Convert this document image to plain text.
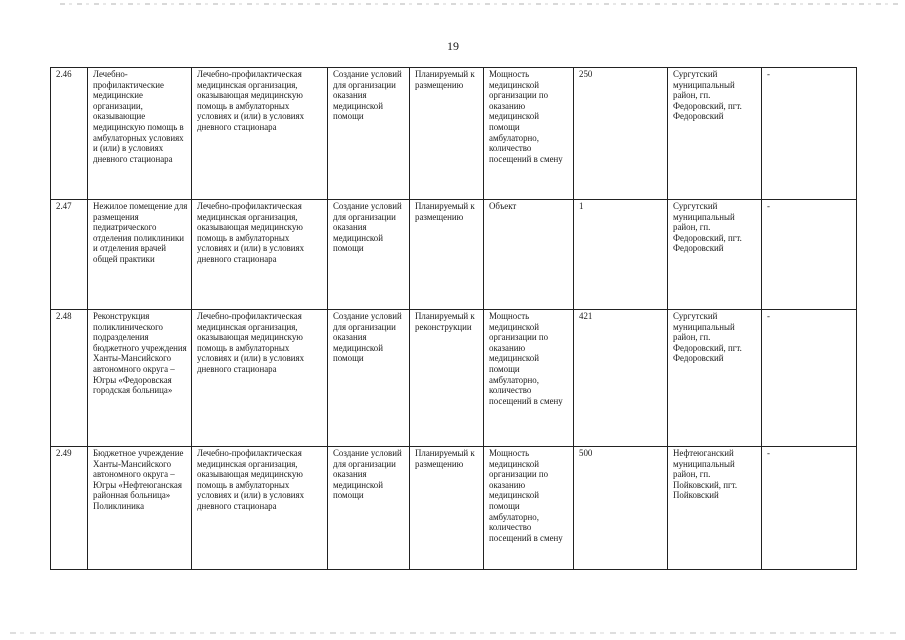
19
2.46	Лечебно-профилактические медицинские организации, оказывающие медицинскую помощь в амбулаторных условиях и (или) в условиях дневного стационара	Лечебно-профилактическая медицинская организация, оказывающая медицинскую помощь в амбулаторных условиях и (или) в условиях дневного стационара	Создание условий для организации оказания медицинской помощи	Планируемый к размещению	Мощность медицинской организации по оказанию медицинской помощи амбулаторно, количество посещений в смену	250	Сургутский муниципальный район, гп. Федоровский, пгт. Федоровский	-
2.47	Нежилое помещение для размещения педиатрического отделения поликлиники и отделения врачей общей практики	Лечебно-профилактическая медицинская организация, оказывающая медицинскую помощь в амбулаторных условиях и (или) в условиях дневного стационара	Создание условий для организации оказания медицинской помощи	Планируемый к размещению	Объект	1	Сургутский муниципальный район, гп. Федоровский, пгт. Федоровский	-
2.48	Реконструкция поликлинического подразделения бюджетного учреждения Ханты-Мансийского автономного округа – Югры «Федоровская городская больница»	Лечебно-профилактическая медицинская организация, оказывающая медицинскую помощь в амбулаторных условиях и (или) в условиях дневного стационара	Создание условий для организации оказания медицинской помощи	Планируемый к реконструкции	Мощность медицинской организации по оказанию медицинской помощи амбулаторно, количество посещений в смену	421	Сургутский муниципальный район, гп. Федоровский, пгт. Федоровский	-
2.49	Бюджетное учреждение Ханты-Мансийского автономного округа – Югры «Нефтеюганская районная больница» Поликлиника	Лечебно-профилактическая медицинская организация, оказывающая медицинскую помощь в амбулаторных условиях и (или) в условиях дневного стационара	Создание условий для организации оказания медицинской помощи	Планируемый к размещению	Мощность медицинской организации по оказанию медицинской помощи амбулаторно, количество посещений в смену	500	Нефтеюганский муниципальный район, гп. Пойковский, пгт. Пойковский	-
